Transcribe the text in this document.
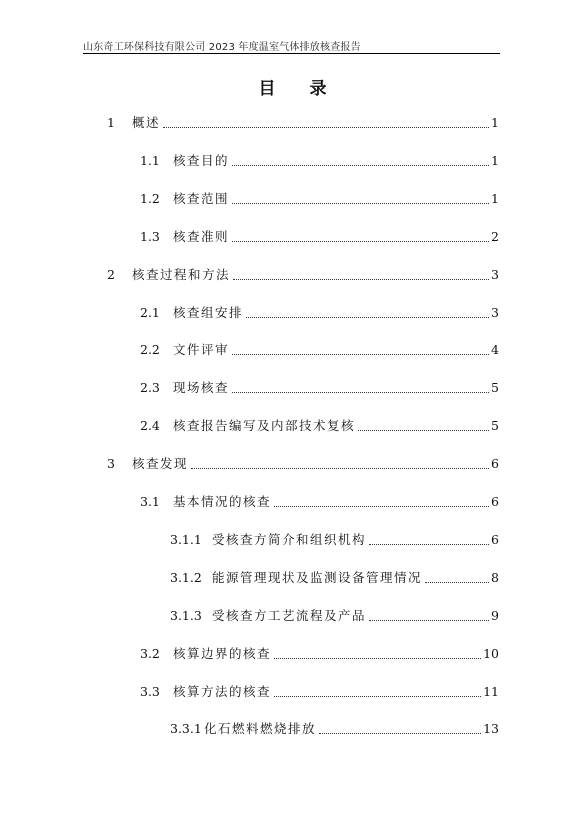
山东奇工环保科技有限公司 2023 年度温室气体排放核查报告
目 录
1	概述	1
1.1	核查目的	1
1.2	核查范围	1
1.3	核查准则	2
2	核查过程和方法	3
2.1	核查组安排	3
2.2	文件评审	4
2.3	现场核查	5
2.4	核查报告编写及内部技术复核	5
3	核查发现	6
3.1	基本情况的核查	6
3.1.1 受核查方简介和组织机构	6
3.1.2 能源管理现状及监测设备管理情况	8
3.1.3 受核查方工艺流程及产品	9
3.2	核算边界的核查	10
3.3	核算方法的核查	11
3.3.1 化石燃料燃烧排放	13
